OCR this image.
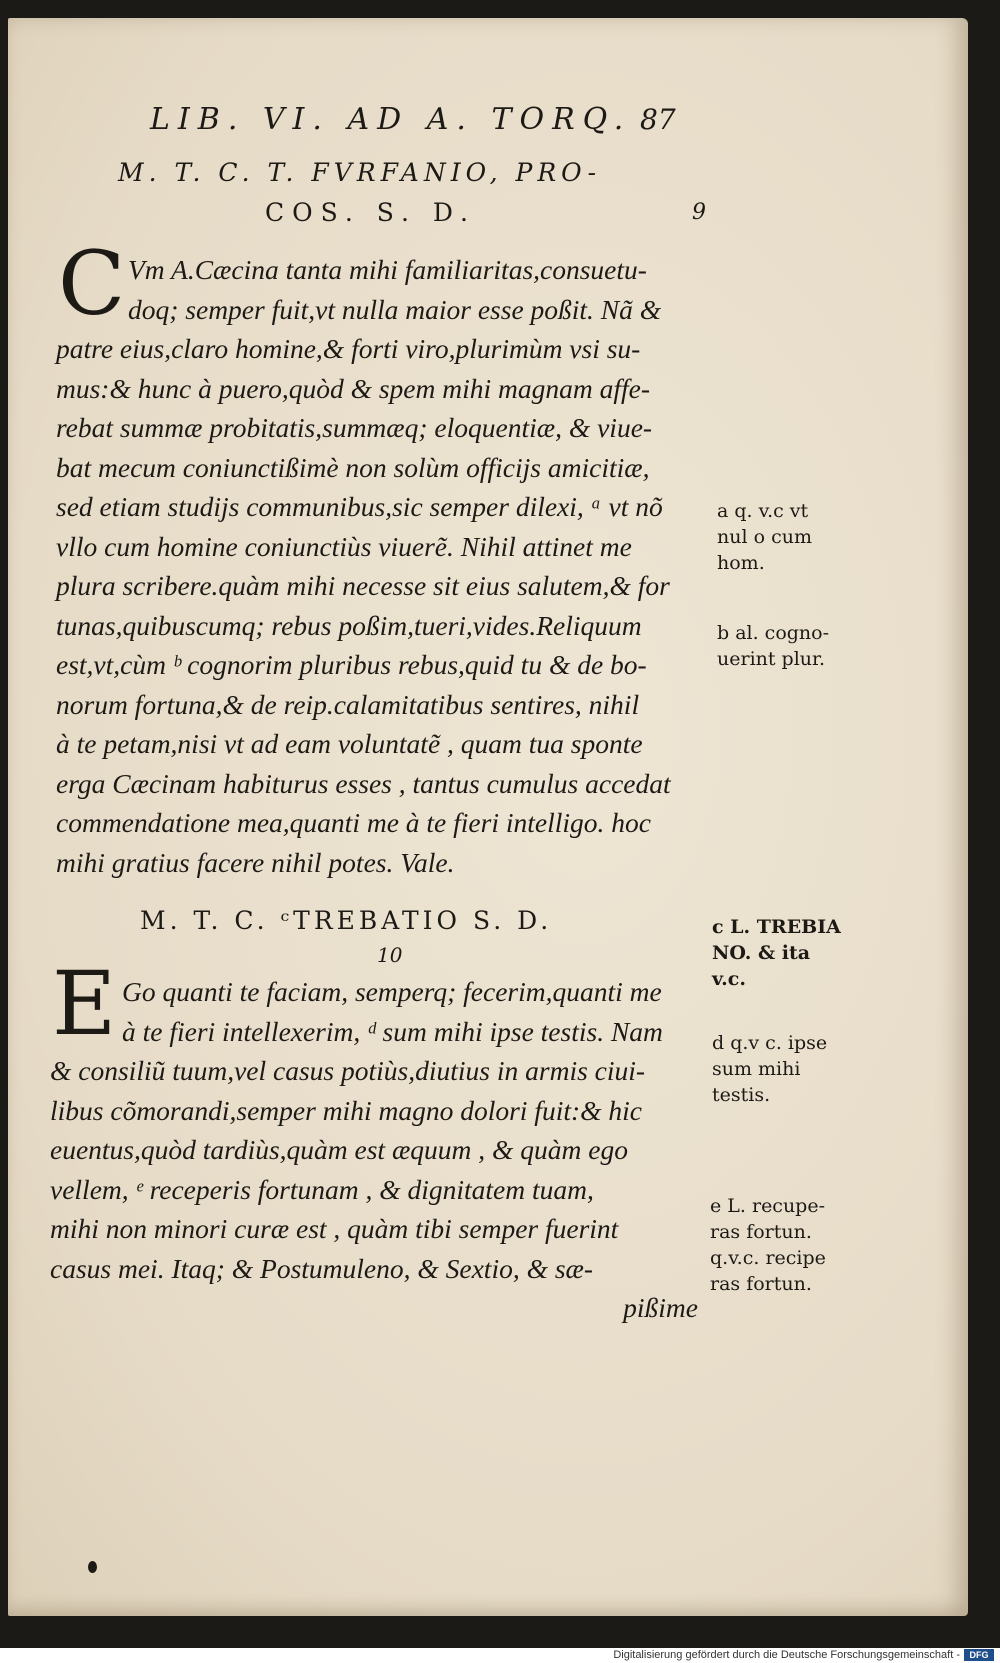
LIB. VI. AD A. TORQ. 87
M. T. C. T. FVRFANIO, PRO-
COS. S. D.	9
C Vm A.Cæcina tanta mihi familiaritas,consuetu-
doq; semper fuit,vt nulla maior esse poßit. Nã &
patre eius,claro homine,& forti viro,plurimùm vsi su-
mus:& hunc à puero,quòd & spem mihi magnam affe-
rebat summæ probitatis,summæq; eloquentiæ, & viue-
bat mecum coniunctißimè non solùm officijs amicitiæ,
sed etiam studijs communibus,sic semper dilexi, ᵃ vt nõ
vllo cum homine coniunctiùs viuerẽ. Nihil attinet me
plura scribere.quàm mihi necesse sit eius salutem,& for
tunas,quibuscumq; rebus poßim,tueri,vides.Reliquum
est,vt,cùm ᵇ cognorim pluribus rebus,quid tu & de bo-
norum fortuna,& de reip.calamitatibus sentires, nihil
à te petam,nisi vt ad eam voluntatẽ , quam tua sponte
erga Cæcinam habiturus esses , tantus cumulus accedat
commendatione mea,quanti me à te fieri intelligo. hoc
mihi gratius facere nihil potes. Vale.
M. T. C. ᶜTREBATIO S. D.
10
E Go quanti te faciam, semperq; fecerim,quanti me
à te fieri intellexerim, ᵈ sum mihi ipse testis. Nam
& consiliũ tuum,vel casus potiùs,diutius in armis ciui-
libus cõmorandi,semper mihi magno dolori fuit:& hic
euentus,quòd tardiùs,quàm est æquum , & quàm ego
vellem, ᵉ receperis fortunam , & dignitatem tuam,
mihi non minori curæ est , quàm tibi semper fuerint
casus mei. Itaq; & Postumuleno, & Sextio, & sæ-
pißime
a q. v.c vt
nul o cum
hom.
b al. cogno-
uerint plur.
c L. TREBIA
NO. & ita
v.c.
d q.v c. ipse
sum mihi
testis.
e L. recupe-
ras fortun.
q.v.c. recipe
ras fortun.
Digitalisierung gefördert durch die Deutsche Forschungsgemeinschaft -	DFG
